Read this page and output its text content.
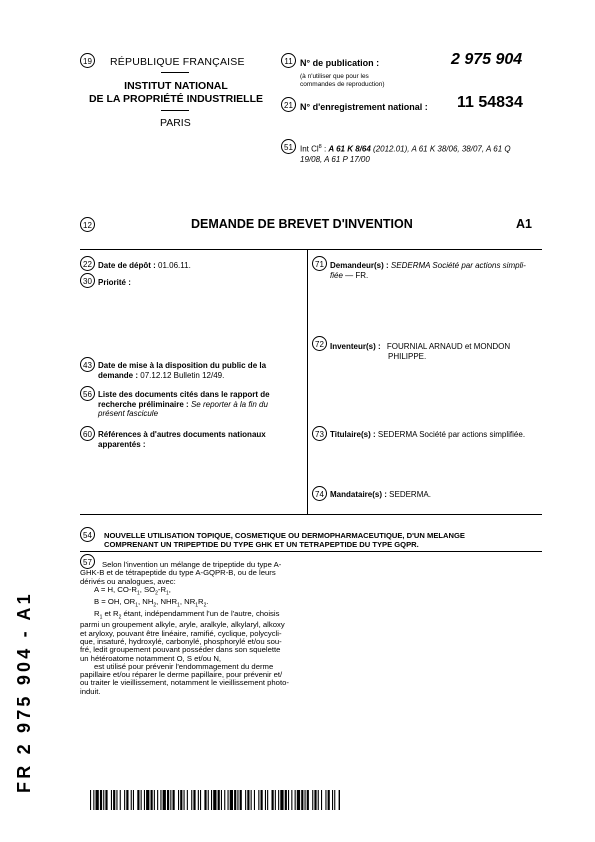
19 RÉPUBLIQUE FRANÇAISE
INSTITUT NATIONAL
DE LA PROPRIÉTÉ INDUSTRIELLE
PARIS
11 N° de publication :	2 975 904
(à n'utiliser que pour les
commandes de reproduction)
21 N° d'enregistrement national : 11 54834
51 Int Cl$^8$ : A 61 K 8/64 (2012.01), A 61 K 38/06, 38/07, A 61 Q
19/08, A 61 P 17/00
12	DEMANDE DE BREVET D'INVENTION	A1
22 Date de dépôt : 01.06.11.
30 Priorité :
43 Date de mise à la disposition du public de la
demande : 07.12.12 Bulletin 12/49.
56 Liste des documents cités dans le rapport de
recherche préliminaire : Se reporter à la fin du
présent fascicule
60 Références à d'autres documents nationaux
apparentés :
71 Demandeur(s) : SEDERMA Société par actions simpli-
fiée — FR.
72 Inventeur(s) : FOURNIAL ARNAUD et MONDON
PHILIPPE.
73 Titulaire(s) : SEDERMA Société par actions simplifiée.
74 Mandataire(s) : SEDERMA.
54	NOUVELLE UTILISATION TOPIQUE, COSMETIQUE OU DERMOPHARMACEUTIQUE, D'UN MELANGE
COMPRENANT UN TRIPEPTIDE DU TYPE GHK ET UN TETRAPEPTIDE DU TYPE GQPR.
57	Selon l'invention un mélange de tripeptide du type A-
GHK-B et de tétrapeptide du type A-GQPR-B, ou de leurs
dérivés ou analogues, avec:
A = H, $CO-R_1$, $SO_2-R_1$,
B = OH, $OR_1$, $NH_2$, $NHR_1$, $NR_1R_2$.
$R_1$ et $R_2$ étant, indépendamment l'un de l'autre, choisis
parmi un groupement alkyle, aryle, aralkyle, alkylaryl, alkoxy
et aryloxy, pouvant être linéaire, ramifié, cyclique, polycycli-
que, insaturé, hydroxylé, carbonylé, phosphorylé et/ou sou-
fré, ledit groupement pouvant posséder dans son squelette
un hétéroatome notamment O, S et/ou N,
est utilisé pour prévenir l'endommagement du derme
papillaire et/ou réparer le derme papillaire, pour prévenir et/
ou traiter le vieillissement, notamment le vieillissement photo-
induit.
FR 2 975 904 - A1
